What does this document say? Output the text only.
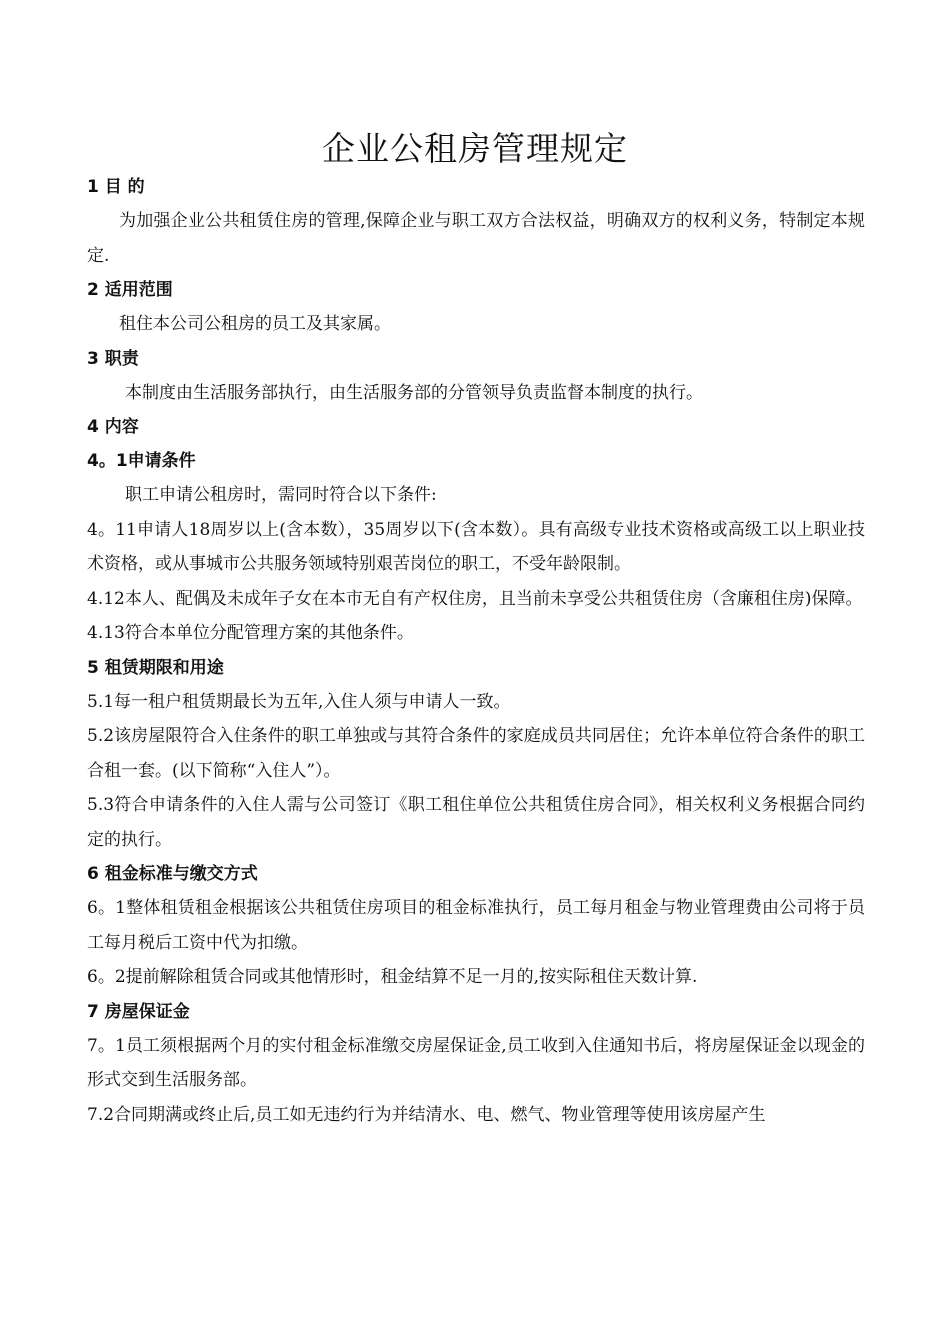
企业公租房管理规定
1 目 的
为加强企业公共租赁住房的管理,保障企业与职工双方合法权益，明确双方的权利义务，特制定本规定.
2 适用范围
租住本公司公租房的员工及其家属。
3 职责
本制度由生活服务部执行，由生活服务部的分管领导负责监督本制度的执行。
4 内容
4。1申请条件
职工申请公租房时，需同时符合以下条件:
4。11申请人18周岁以上(含本数），35周岁以下(含本数）。具有高级专业技术资格或高级工以上职业技术资格，或从事城市公共服务领域特别艰苦岗位的职工，不受年龄限制。
4.12本人、配偶及未成年子女在本市无自有产权住房，且当前未享受公共租赁住房（含廉租住房)保障。
4.13符合本单位分配管理方案的其他条件。
5 租赁期限和用途
5.1每一租户租赁期最长为五年,入住人须与申请人一致。
5.2该房屋限符合入住条件的职工单独或与其符合条件的家庭成员共同居住；允许本单位符合条件的职工合租一套。(以下简称“入住人”）。
5.3符合申请条件的入住人需与公司签订《职工租住单位公共租赁住房合同》，相关权利义务根据合同约定的执行。
6 租金标准与缴交方式
6。1整体租赁租金根据该公共租赁住房项目的租金标准执行，员工每月租金与物业管理费由公司将于员工每月税后工资中代为扣缴。
6。2提前解除租赁合同或其他情形时，租金结算不足一月的,按实际租住天数计算.
7 房屋保证金
7。1员工须根据两个月的实付租金标准缴交房屋保证金,员工收到入住通知书后，将房屋保证金以现金的形式交到生活服务部。
7.2合同期满或终止后,员工如无违约行为并结清水、电、燃气、物业管理等使用该房屋产生
